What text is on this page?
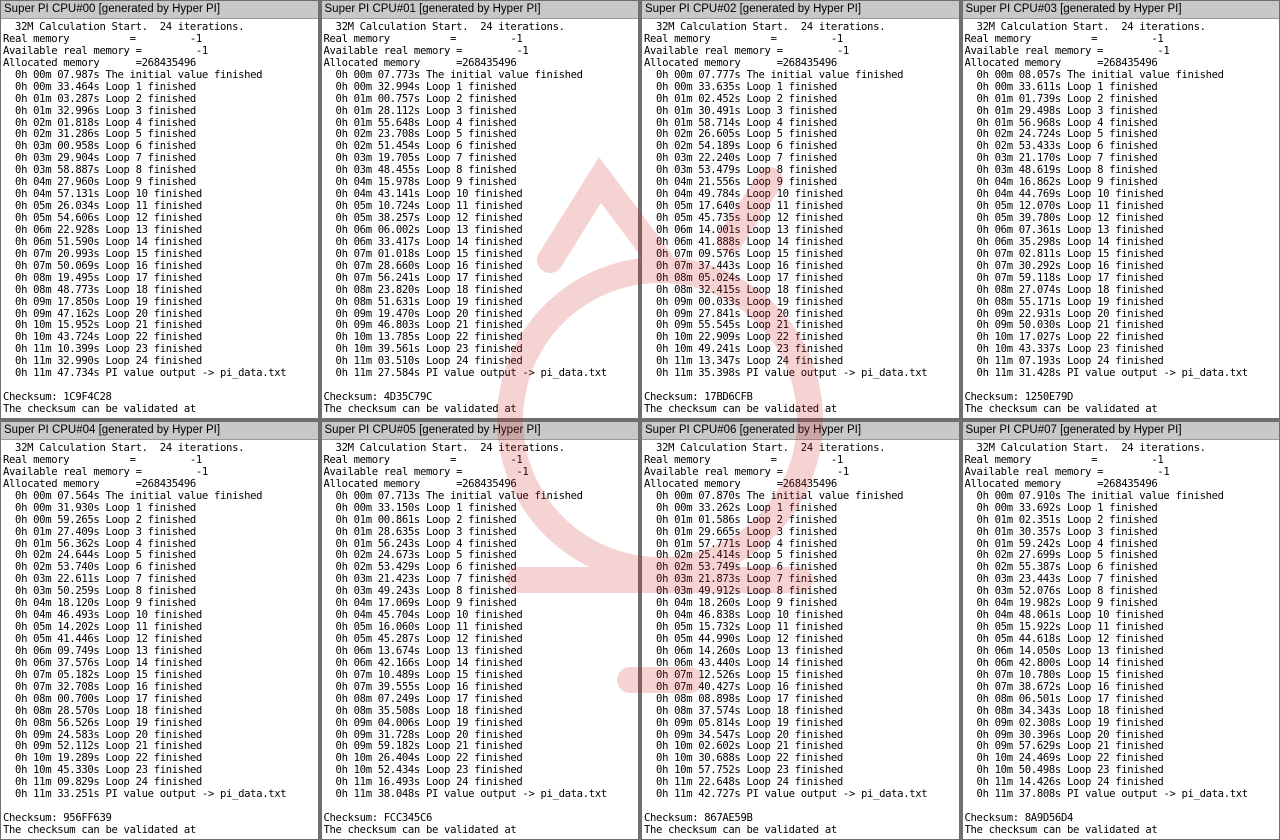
Super PI CPU#00 [generated by Hyper PI]
32M Calculation Start.  24 iterations.
Real memory          =         -1
Available real memory =         -1
Allocated memory      =268435496
0h 00m 07.987s The initial value finished
0h 00m 33.464s Loop 1 finished
0h 01m 03.287s Loop 2 finished
0h 01m 32.996s Loop 3 finished
0h 02m 01.818s Loop 4 finished
0h 02m 31.286s Loop 5 finished
0h 03m 00.958s Loop 6 finished
0h 03m 29.904s Loop 7 finished
0h 03m 58.887s Loop 8 finished
0h 04m 27.960s Loop 9 finished
0h 04m 57.131s Loop 10 finished
0h 05m 26.034s Loop 11 finished
0h 05m 54.606s Loop 12 finished
0h 06m 22.928s Loop 13 finished
0h 06m 51.590s Loop 14 finished
0h 07m 20.993s Loop 15 finished
0h 07m 50.069s Loop 16 finished
0h 08m 19.495s Loop 17 finished
0h 08m 48.773s Loop 18 finished
0h 09m 17.850s Loop 19 finished
0h 09m 47.162s Loop 20 finished
0h 10m 15.952s Loop 21 finished
0h 10m 43.724s Loop 22 finished
0h 11m 10.399s Loop 23 finished
0h 11m 32.990s Loop 24 finished
0h 11m 47.734s PI value output -> pi_data.txt
Checksum: 1C9F4C28
The checksum can be validated at
Super PI CPU#01 [generated by Hyper PI]
32M Calculation Start.  24 iterations.
Real memory          =         -1
Available real memory =         -1
Allocated memory      =268435496
0h 00m 07.773s The initial value finished
0h 00m 32.994s Loop 1 finished
0h 01m 00.757s Loop 2 finished
0h 01m 28.112s Loop 3 finished
0h 01m 55.648s Loop 4 finished
0h 02m 23.708s Loop 5 finished
0h 02m 51.454s Loop 6 finished
0h 03m 19.705s Loop 7 finished
0h 03m 48.455s Loop 8 finished
0h 04m 15.978s Loop 9 finished
0h 04m 43.141s Loop 10 finished
0h 05m 10.724s Loop 11 finished
0h 05m 38.257s Loop 12 finished
0h 06m 06.002s Loop 13 finished
0h 06m 33.417s Loop 14 finished
0h 07m 01.018s Loop 15 finished
0h 07m 28.660s Loop 16 finished
0h 07m 56.241s Loop 17 finished
0h 08m 23.820s Loop 18 finished
0h 08m 51.631s Loop 19 finished
0h 09m 19.470s Loop 20 finished
0h 09m 46.803s Loop 21 finished
0h 10m 13.785s Loop 22 finished
0h 10m 39.561s Loop 23 finished
0h 11m 03.510s Loop 24 finished
0h 11m 27.584s PI value output -> pi_data.txt
Checksum: 4D35C79C
The checksum can be validated at
Super PI CPU#02 [generated by Hyper PI]
32M Calculation Start.  24 iterations.
Real memory          =         -1
Available real memory =         -1
Allocated memory      =268435496
0h 00m 07.777s The initial value finished
0h 00m 33.635s Loop 1 finished
0h 01m 02.452s Loop 2 finished
0h 01m 30.491s Loop 3 finished
0h 01m 58.714s Loop 4 finished
0h 02m 26.605s Loop 5 finished
0h 02m 54.189s Loop 6 finished
0h 03m 22.240s Loop 7 finished
0h 03m 53.479s Loop 8 finished
0h 04m 21.556s Loop 9 finished
0h 04m 49.784s Loop 10 finished
0h 05m 17.640s Loop 11 finished
0h 05m 45.735s Loop 12 finished
0h 06m 14.001s Loop 13 finished
0h 06m 41.888s Loop 14 finished
0h 07m 09.576s Loop 15 finished
0h 07m 37.443s Loop 16 finished
0h 08m 05.024s Loop 17 finished
0h 08m 32.415s Loop 18 finished
0h 09m 00.033s Loop 19 finished
0h 09m 27.841s Loop 20 finished
0h 09m 55.545s Loop 21 finished
0h 10m 22.909s Loop 22 finished
0h 10m 49.241s Loop 23 finished
0h 11m 13.347s Loop 24 finished
0h 11m 35.398s PI value output -> pi_data.txt
Checksum: 17BD6CFB
The checksum can be validated at
Super PI CPU#03 [generated by Hyper PI]
32M Calculation Start.  24 iterations.
Real memory          =         -1
Available real memory =         -1
Allocated memory      =268435496
0h 00m 08.057s The initial value finished
0h 00m 33.611s Loop 1 finished
0h 01m 01.739s Loop 2 finished
0h 01m 29.498s Loop 3 finished
0h 01m 56.968s Loop 4 finished
0h 02m 24.724s Loop 5 finished
0h 02m 53.433s Loop 6 finished
0h 03m 21.170s Loop 7 finished
0h 03m 48.619s Loop 8 finished
0h 04m 16.862s Loop 9 finished
0h 04m 44.769s Loop 10 finished
0h 05m 12.070s Loop 11 finished
0h 05m 39.780s Loop 12 finished
0h 06m 07.361s Loop 13 finished
0h 06m 35.298s Loop 14 finished
0h 07m 02.811s Loop 15 finished
0h 07m 30.292s Loop 16 finished
0h 07m 59.118s Loop 17 finished
0h 08m 27.074s Loop 18 finished
0h 08m 55.171s Loop 19 finished
0h 09m 22.931s Loop 20 finished
0h 09m 50.030s Loop 21 finished
0h 10m 17.027s Loop 22 finished
0h 10m 43.337s Loop 23 finished
0h 11m 07.193s Loop 24 finished
0h 11m 31.428s PI value output -> pi_data.txt
Checksum: 1250E79D
The checksum can be validated at
Super PI CPU#04 [generated by Hyper PI]
32M Calculation Start.  24 iterations.
Real memory          =         -1
Available real memory =         -1
Allocated memory      =268435496
0h 00m 07.564s The initial value finished
0h 00m 31.930s Loop 1 finished
0h 00m 59.265s Loop 2 finished
0h 01m 27.409s Loop 3 finished
0h 01m 56.362s Loop 4 finished
0h 02m 24.644s Loop 5 finished
0h 02m 53.740s Loop 6 finished
0h 03m 22.611s Loop 7 finished
0h 03m 50.259s Loop 8 finished
0h 04m 18.120s Loop 9 finished
0h 04m 46.493s Loop 10 finished
0h 05m 14.202s Loop 11 finished
0h 05m 41.446s Loop 12 finished
0h 06m 09.749s Loop 13 finished
0h 06m 37.576s Loop 14 finished
0h 07m 05.182s Loop 15 finished
0h 07m 32.708s Loop 16 finished
0h 08m 00.700s Loop 17 finished
0h 08m 28.570s Loop 18 finished
0h 08m 56.526s Loop 19 finished
0h 09m 24.583s Loop 20 finished
0h 09m 52.112s Loop 21 finished
0h 10m 19.289s Loop 22 finished
0h 10m 45.330s Loop 23 finished
0h 11m 09.829s Loop 24 finished
0h 11m 33.251s PI value output -> pi_data.txt
Checksum: 956FF639
The checksum can be validated at
Super PI CPU#05 [generated by Hyper PI]
32M Calculation Start.  24 iterations.
Real memory          =         -1
Available real memory =         -1
Allocated memory      =268435496
0h 00m 07.713s The initial value finished
0h 00m 33.150s Loop 1 finished
0h 01m 00.861s Loop 2 finished
0h 01m 28.635s Loop 3 finished
0h 01m 56.243s Loop 4 finished
0h 02m 24.673s Loop 5 finished
0h 02m 53.429s Loop 6 finished
0h 03m 21.423s Loop 7 finished
0h 03m 49.243s Loop 8 finished
0h 04m 17.069s Loop 9 finished
0h 04m 45.704s Loop 10 finished
0h 05m 16.060s Loop 11 finished
0h 05m 45.287s Loop 12 finished
0h 06m 13.674s Loop 13 finished
0h 06m 42.166s Loop 14 finished
0h 07m 10.489s Loop 15 finished
0h 07m 39.555s Loop 16 finished
0h 08m 07.249s Loop 17 finished
0h 08m 35.508s Loop 18 finished
0h 09m 04.006s Loop 19 finished
0h 09m 31.728s Loop 20 finished
0h 09m 59.182s Loop 21 finished
0h 10m 26.404s Loop 22 finished
0h 10m 52.434s Loop 23 finished
0h 11m 16.493s Loop 24 finished
0h 11m 38.048s PI value output -> pi_data.txt
Checksum: FCC345C6
The checksum can be validated at
Super PI CPU#06 [generated by Hyper PI]
32M Calculation Start.  24 iterations.
Real memory          =         -1
Available real memory =         -1
Allocated memory      =268435496
0h 00m 07.870s The initial value finished
0h 00m 33.262s Loop 1 finished
0h 01m 01.586s Loop 2 finished
0h 01m 29.665s Loop 3 finished
0h 01m 57.771s Loop 4 finished
0h 02m 25.414s Loop 5 finished
0h 02m 53.749s Loop 6 finished
0h 03m 21.873s Loop 7 finished
0h 03m 49.912s Loop 8 finished
0h 04m 18.260s Loop 9 finished
0h 04m 46.838s Loop 10 finished
0h 05m 15.732s Loop 11 finished
0h 05m 44.990s Loop 12 finished
0h 06m 14.260s Loop 13 finished
0h 06m 43.440s Loop 14 finished
0h 07m 12.526s Loop 15 finished
0h 07m 40.427s Loop 16 finished
0h 08m 08.898s Loop 17 finished
0h 08m 37.574s Loop 18 finished
0h 09m 05.814s Loop 19 finished
0h 09m 34.547s Loop 20 finished
0h 10m 02.602s Loop 21 finished
0h 10m 30.688s Loop 22 finished
0h 10m 57.752s Loop 23 finished
0h 11m 22.648s Loop 24 finished
0h 11m 42.727s PI value output -> pi_data.txt
Checksum: 867AE59B
The checksum can be validated at
Super PI CPU#07 [generated by Hyper PI]
32M Calculation Start.  24 iterations.
Real memory          =         -1
Available real memory =         -1
Allocated memory      =268435496
0h 00m 07.910s The initial value finished
0h 00m 33.692s Loop 1 finished
0h 01m 02.351s Loop 2 finished
0h 01m 30.357s Loop 3 finished
0h 01m 59.242s Loop 4 finished
0h 02m 27.699s Loop 5 finished
0h 02m 55.387s Loop 6 finished
0h 03m 23.443s Loop 7 finished
0h 03m 52.076s Loop 8 finished
0h 04m 19.982s Loop 9 finished
0h 04m 48.061s Loop 10 finished
0h 05m 15.922s Loop 11 finished
0h 05m 44.618s Loop 12 finished
0h 06m 14.050s Loop 13 finished
0h 06m 42.800s Loop 14 finished
0h 07m 10.780s Loop 15 finished
0h 07m 38.672s Loop 16 finished
0h 08m 06.501s Loop 17 finished
0h 08m 34.343s Loop 18 finished
0h 09m 02.308s Loop 19 finished
0h 09m 30.396s Loop 20 finished
0h 09m 57.629s Loop 21 finished
0h 10m 24.469s Loop 22 finished
0h 10m 50.498s Loop 23 finished
0h 11m 14.426s Loop 24 finished
0h 11m 37.808s PI value output -> pi_data.txt
Checksum: 8A9D56D4
The checksum can be validated at
